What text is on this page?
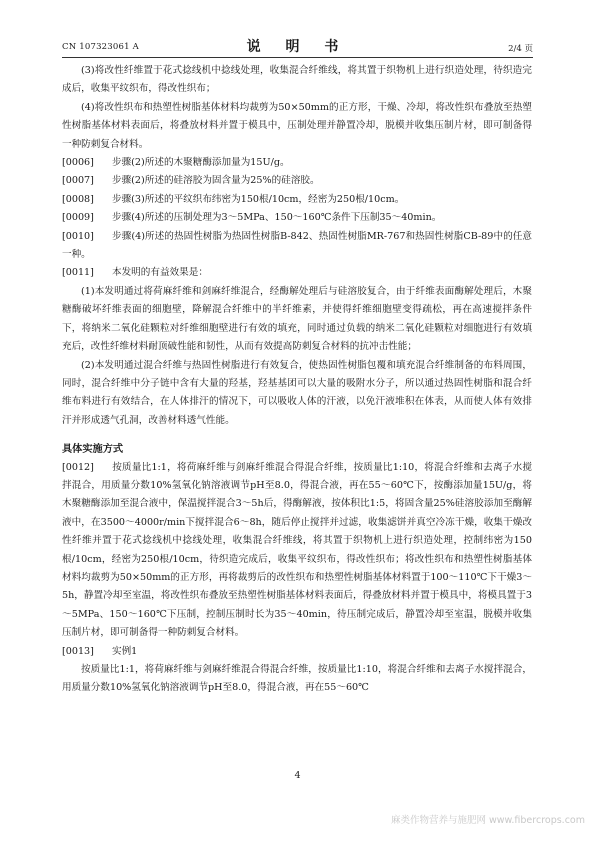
CN 107323061 A	说 明 书	2/4 页

(3)将改性纤维置于花式捻线机中捻线处理，收集混合纤维线，将其置于织物机上进行织造处理，待织造完成后，收集平纹织布，得改性织布；

(4)将改性织布和热塑性树脂基体材料均裁剪为50×50mm的正方形，干燥、冷却，将改性织布叠放至热塑性树脂基体材料表面后，将叠放材料并置于模具中，压制处理并静置冷却，脱模并收集压制片材，即可制备得一种防刺复合材料。

[0006] 步骤(2)所述的木聚糖酶添加量为15U/g。

[0007] 步骤(2)所述的硅溶胶为固含量为25%的硅溶胶。

[0008] 步骤(3)所述的平纹织布纬密为150根/10cm，经密为250根/10cm。

[0009] 步骤(4)所述的压制处理为3～5MPa、150～160℃条件下压制35～40min。

[0010] 步骤(4)所述的热固性树脂为热固性树脂B-842、热固性树脂MR-767和热固性树脂CB-89中的任意一种。

[0011] 本发明的有益效果是：

(1)本发明通过将荷麻纤维和剑麻纤维混合，经酶解处理后与硅溶胶复合，由于纤维表面酶解处理后，木聚糖酶破坏纤维表面的细胞壁，降解混合纤维中的半纤维素，并使得纤维细胞壁变得疏松，再在高速搅拌条件下，将纳米二氧化硅颗粒对纤维细胞壁进行有效的填充，同时通过负载的纳米二氧化硅颗粒对细胞进行有效填充后，改性纤维材料耐顶破性能和韧性，从而有效提高防刺复合材料的抗冲击性能；

(2)本发明通过混合纤维与热固性树脂进行有效复合，使热固性树脂包覆和填充混合纤维制备的布料周围，同时，混合纤维中分子链中含有大量的羟基，羟基基团可以大量的吸附水分子，所以通过热固性树脂和混合纤维布料进行有效结合，在人体排汗的情况下，可以吸收人体的汗液，以免汗液堆积在体表，从而使人体有效排汗并形成透气孔洞，改善材料透气性能。

具体实施方式

[0012] 按质量比1:1，将荷麻纤维与剑麻纤维混合得混合纤维，按质量比1:10，将混合纤维和去离子水搅拌混合，用质量分数10%氢氧化钠溶液调节pH至8.0，得混合液，再在55～60℃下，按酶添加量15U/g，将木聚糖酶添加至混合液中，保温搅拌混合3～5h后，得酶解液，按体积比1:5，将固含量25%硅溶胶添加至酶解液中，在3500～4000r/min下搅拌混合6～8h，随后停止搅拌并过滤，收集滤饼并真空冷冻干燥，收集干燥改性纤维并置于花式捻线机中捻线处理，收集混合纤维线，将其置于织物机上进行织造处理，控制纬密为150根/10cm，经密为250根/10cm，待织造完成后，收集平纹织布，得改性织布；将改性织布和热塑性树脂基体材料均裁剪为50×50mm的正方形，再将裁剪后的改性织布和热塑性树脂基体材料置于100～110℃下干燥3～5h，静置冷却至室温，将改性织布叠放至热塑性树脂基体材料表面后，得叠放材料并置于模具中，将模具置于3～5MPa、150～160℃下压制，控制压制时长为35～40min，待压制完成后，静置冷却至室温，脱模并收集压制片材，即可制备得一种防刺复合材料。

[0013] 实例1

按质量比1:1，将荷麻纤维与剑麻纤维混合得混合纤维，按质量比1:10，将混合纤维和去离子水搅拌混合，用质量分数10%氢氧化钠溶液调节pH至8.0，得混合液，再在55～60℃

4
麻类作物营养与施肥网 www.fibercrops.com
